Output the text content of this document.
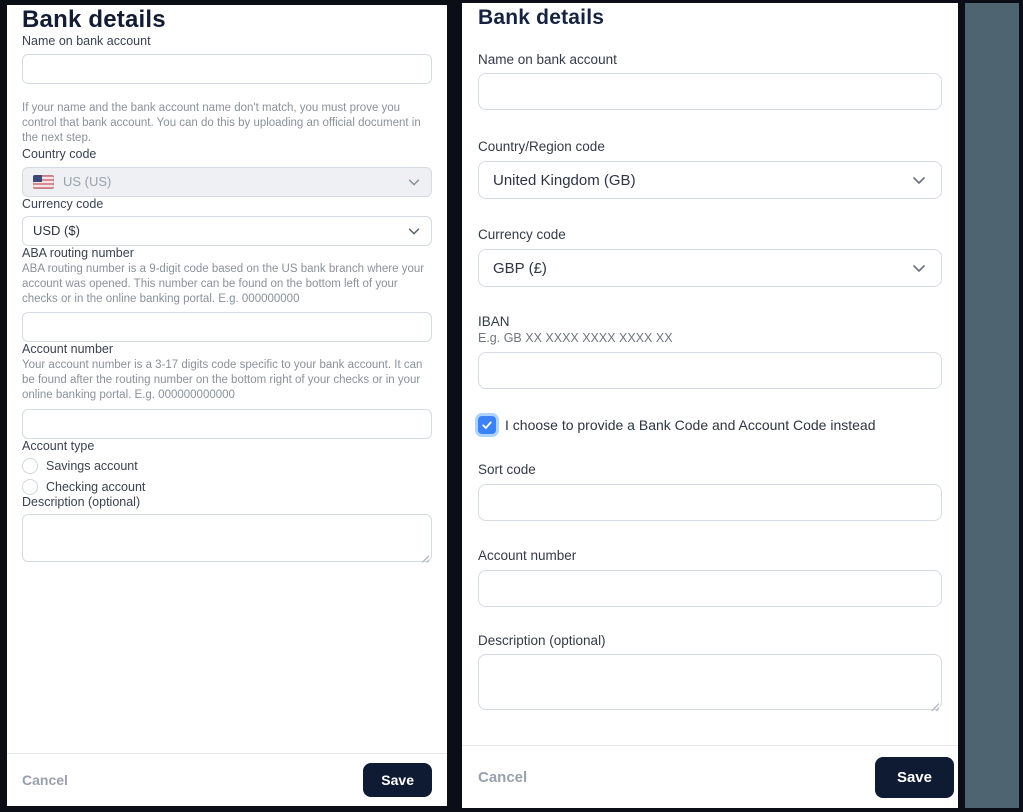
Bank details
Name on bank account
If your name and the bank account name don't match, you must prove you control that bank account. You can do this by uploading an official document in the next step.
Country code
US (US)
Currency code
USD ($)
ABA routing number
ABA routing number is a 9-digit code based on the US bank branch where your account was opened. This number can be found on the bottom left of your checks or in the online banking portal. E.g. 000000000
Account number
Your account number is a 3-17 digits code specific to your bank account. It can be found after the routing number on the bottom right of your checks or in your online banking portal. E.g. 000000000000
Account type
Savings account
Checking account
Description (optional)
Cancel	Save
Bank details
Name on bank account
Country/Region code
United Kingdom (GB)
Currency code
GBP (£)
IBAN
E.g. GB XX XXXX XXXX XXXX XX
I choose to provide a Bank Code and Account Code instead
Sort code
Account number
Description (optional)
Cancel	Save
